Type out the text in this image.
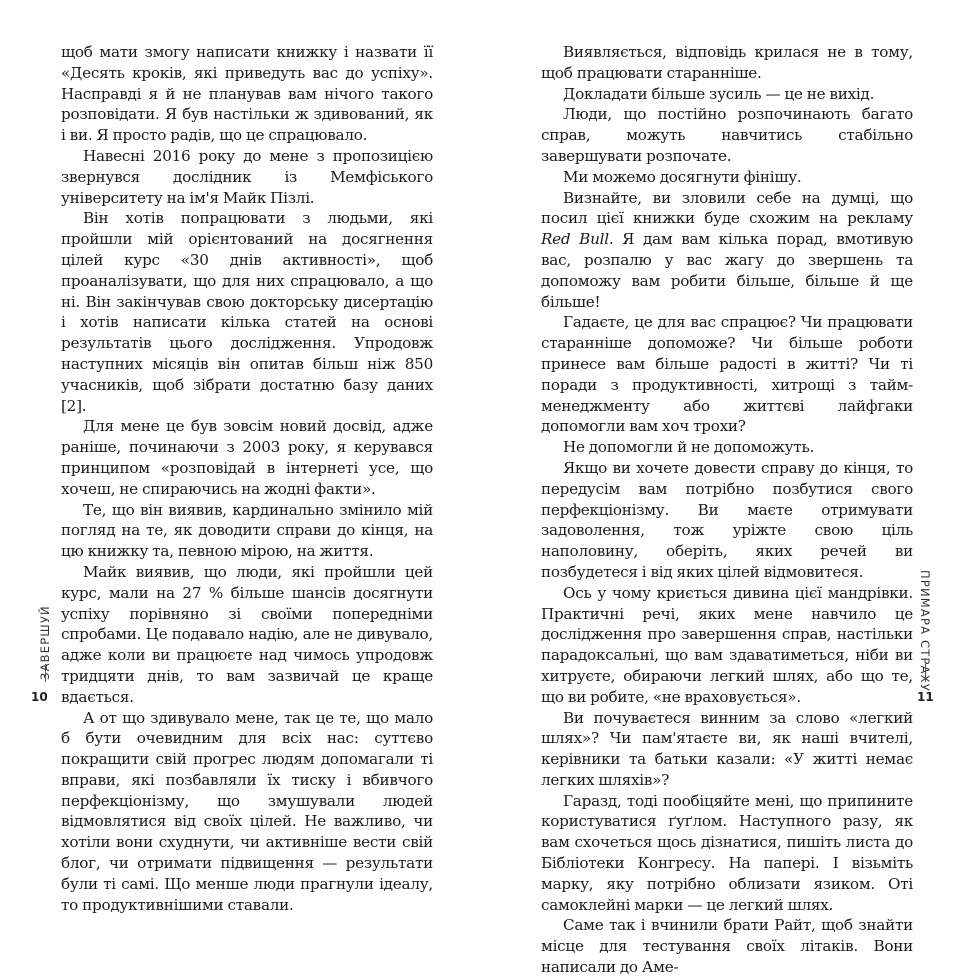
щоб мати змогу написати книжку і назвати її «Десять кроків, які приведуть вас до успіху». Насправді я й не планував вам нічого такого розповідати. Я був настільки ж здивований, як і ви. Я просто радів, що це спрацювало.

Навесні 2016 року до мене з пропозицією звернувся дослідник із Мемфіського університету на ім'я Майк Пізлі.

Він хотів попрацювати з людьми, які пройшли мій орієнтований на досягнення цілей курс «30 днів активності», щоб проаналізувати, що для них спрацювало, а що ні. Він закінчував свою докторську дисертацію і хотів написати кілька статей на основі результатів цього дослідження. Упродовж наступних місяців він опитав більш ніж 850 учасників, щоб зібрати достатню базу даних [2].

Для мене це був зовсім новий досвід, адже раніше, починаючи з 2003 року, я керувався принципом «розповідай в інтернеті усе, що хочеш, не спираючись на жодні факти».

Те, що він виявив, кардинально змінило мій погляд на те, як доводити справи до кінця, на цю книжку та, певною мірою, на життя.

Майк виявив, що люди, які пройшли цей курс, мали на 27 % більше шансів досягнути успіху порівняно зі своїми попередніми спробами. Це подавало надію, але не дивувало, адже коли ви працюєте над чимось упродовж тридцяти днів, то вам зазвичай це краще вдається.

А от що здивувало мене, так це те, що мало б бути очевидним для всіх нас: суттєво покращити свій прогрес людям допомагали ті вправи, які позбавляли їх тиску і вбивчого перфекціонізму, що змушували людей відмовлятися від своїх цілей. Не важливо, чи хотіли вони схуднути, чи активніше вести свій блог, чи отримати підвищення — результати були ті самі. Що менше люди прагнули ідеалу, то продуктивнішими ставали.

ЗАВЕРШУЙ
10

Виявляється, відповідь крилася не в тому, щоб працювати старанніше.

Докладати більше зусиль — це не вихід.

Люди, що постійно розпочинають багато справ, можуть навчитись стабільно завершувати розпочате.

Ми можемо досягнути фінішу.

Визнайте, ви зловили себе на думці, що посил цієї книжки буде схожим на рекламу Red Bull. Я дам вам кілька порад, вмотивую вас, розпалю у вас жагу до звершень та допоможу вам робити більше, більше й ще більше!

Гадаєте, це для вас спрацює? Чи працювати старанніше допоможе? Чи більше роботи принесе вам більше радості в житті? Чи ті поради з продуктивності, хитрощі з тайм-менеджменту або життєві лайфгаки допомогли вам хоч трохи?

Не допомогли й не допоможуть.

Якщо ви хочете довести справу до кінця, то передусім вам потрібно позбутися свого перфекціонізму. Ви маєте отримувати задоволення, тож уріжте свою ціль наполовину, оберіть, яких речей ви позбудетеся і від яких цілей відмовитеся.

Ось у чому криється дивина цієї мандрівки. Практичні речі, яких мене навчило це дослідження про завершення справ, настільки парадоксальні, що вам здаватиметься, ніби ви хитруєте, обираючи легкий шлях, або що те, що ви робите, «не враховується».

Ви почуваєтеся винним за слово «легкий шлях»? Чи пам'ятаєте ви, як наші вчителі, керівники та батьки казали: «У житті немає легких шляхів»?

Гаразд, тоді пообіцяйте мені, що припините користуватися ґуґлом. Наступного разу, як вам схочеться щось дізнатися, пишіть листа до Бібліотеки Конгресу. На папері. І візьміть марку, яку потрібно облизати язиком. Оті самоклейні марки — це легкий шлях.

Саме так і вчинили брати Райт, щоб знайти місце для тестування своїх літаків. Вони написали до Аме-

ПРИМАРА СТРАХУ
11
